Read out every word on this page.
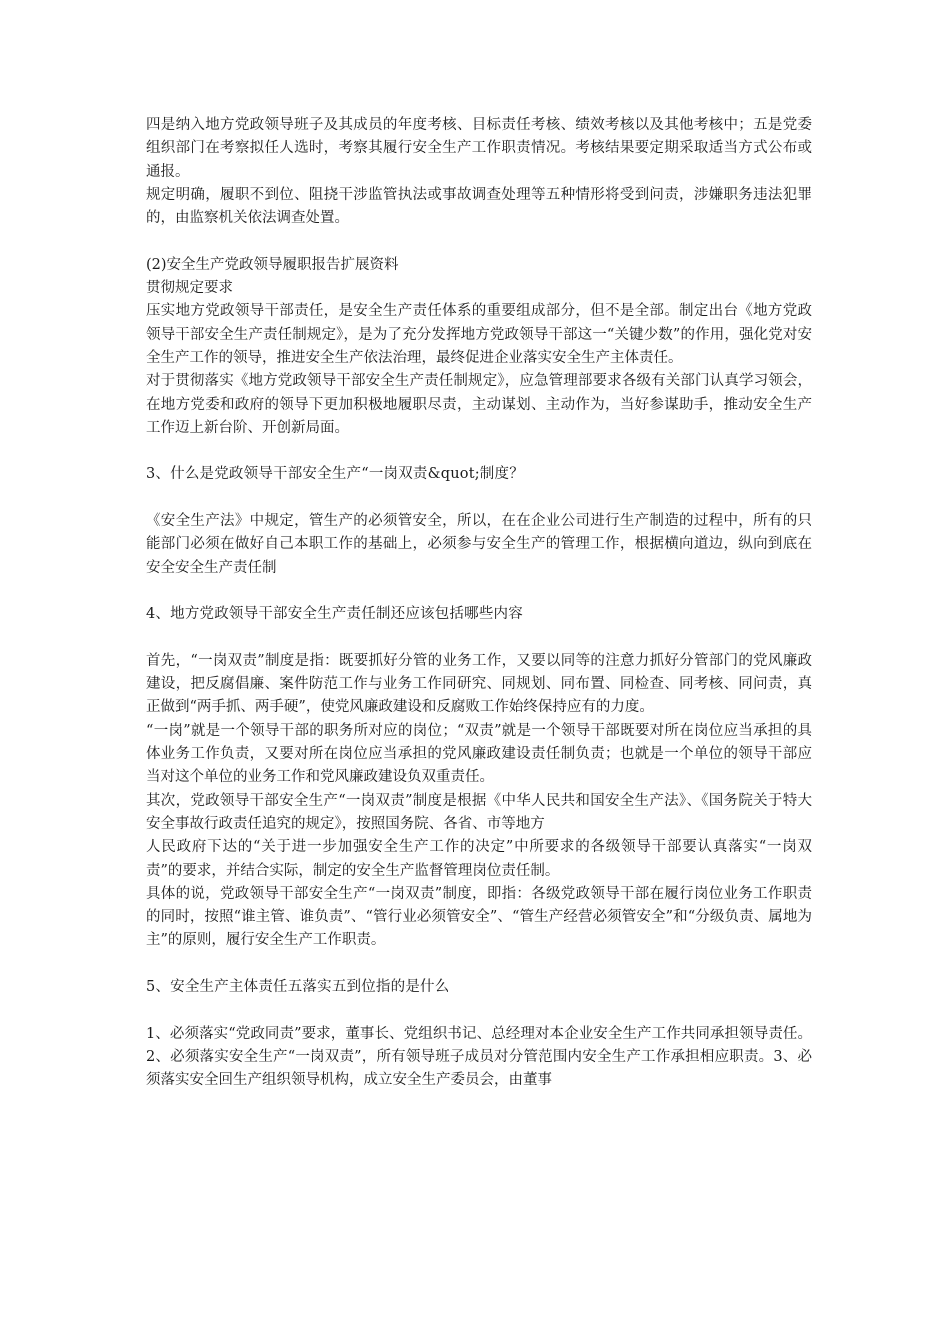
四是纳入地方党政领导班子及其成员的年度考核、目标责任考核、绩效考核以及其他考核中；五是党委组织部门在考察拟任人选时，考察其履行安全生产工作职责情况。考核结果要定期采取适当方式公布或通报。

规定明确，履职不到位、阻挠干涉监管执法或事故调查处理等五种情形将受到问责，涉嫌职务违法犯罪的，由监察机关依法调查处置。

(2)安全生产党政领导履职报告扩展资料

贯彻规定要求

压实地方党政领导干部责任，是安全生产责任体系的重要组成部分，但不是全部。制定出台《地方党政领导干部安全生产责任制规定》，是为了充分发挥地方党政领导干部这一“关键少数”的作用，强化党对安全生产工作的领导，推进安全生产依法治理，最终促进企业落实安全生产主体责任。

对于贯彻落实《地方党政领导干部安全生产责任制规定》，应急管理部要求各级有关部门认真学习领会，在地方党委和政府的领导下更加积极地履职尽责，主动谋划、主动作为，当好参谋助手，推动安全生产工作迈上新台阶、开创新局面。

3、什么是党政领导干部安全生产“一岗双责&quot;制度？

《安全生产法》中规定，管生产的必须管安全，所以，在在企业公司进行生产制造的过程中，所有的只能部门必须在做好自己本职工作的基础上，必须参与安全生产的管理工作，根据横向道边，纵向到底在安全安全生产责任制

4、地方党政领导干部安全生产责任制还应该包括哪些内容

首先，“一岗双责”制度是指：既要抓好分管的业务工作，又要以同等的注意力抓好分管部门的党风廉政建设，把反腐倡廉、案件防范工作与业务工作同研究、同规划、同布置、同检查、同考核、同问责，真正做到“两手抓、两手硬”，使党风廉政建设和反腐败工作始终保持应有的力度。

“一岗”就是一个领导干部的职务所对应的岗位；“双责”就是一个领导干部既要对所在岗位应当承担的具体业务工作负责，又要对所在岗位应当承担的党风廉政建设责任制负责；也就是一个单位的领导干部应当对这个单位的业务工作和党风廉政建设负双重责任。

其次，党政领导干部安全生产“一岗双责”制度是根据《中华人民共和国安全生产法》、《国务院关于特大安全事故行政责任追究的规定》，按照国务院、各省、市等地方

人民政府下达的“关于进一步加强安全生产工作的决定”中所要求的各级领导干部要认真落实“一岗双责”的要求，并结合实际，制定的安全生产监督管理岗位责任制。

具体的说，党政领导干部安全生产“一岗双责”制度，即指：各级党政领导干部在履行岗位业务工作职责的同时，按照“谁主管、谁负责”、“管行业必须管安全”、“管生产经营必须管安全”和“分级负责、属地为主”的原则，履行安全生产工作职责。

5、安全生产主体责任五落实五到位指的是什么

1、必须落实“党政同责”要求，董事长、党组织书记、总经理对本企业安全生产工作共同承担领导责任。2、必须落实安全生产“一岗双责”，所有领导班子成员对分管范围内安全生产工作承担相应职责。3、必须落实安全回生产组织领导机构，成立安全生产委员会，由董事
